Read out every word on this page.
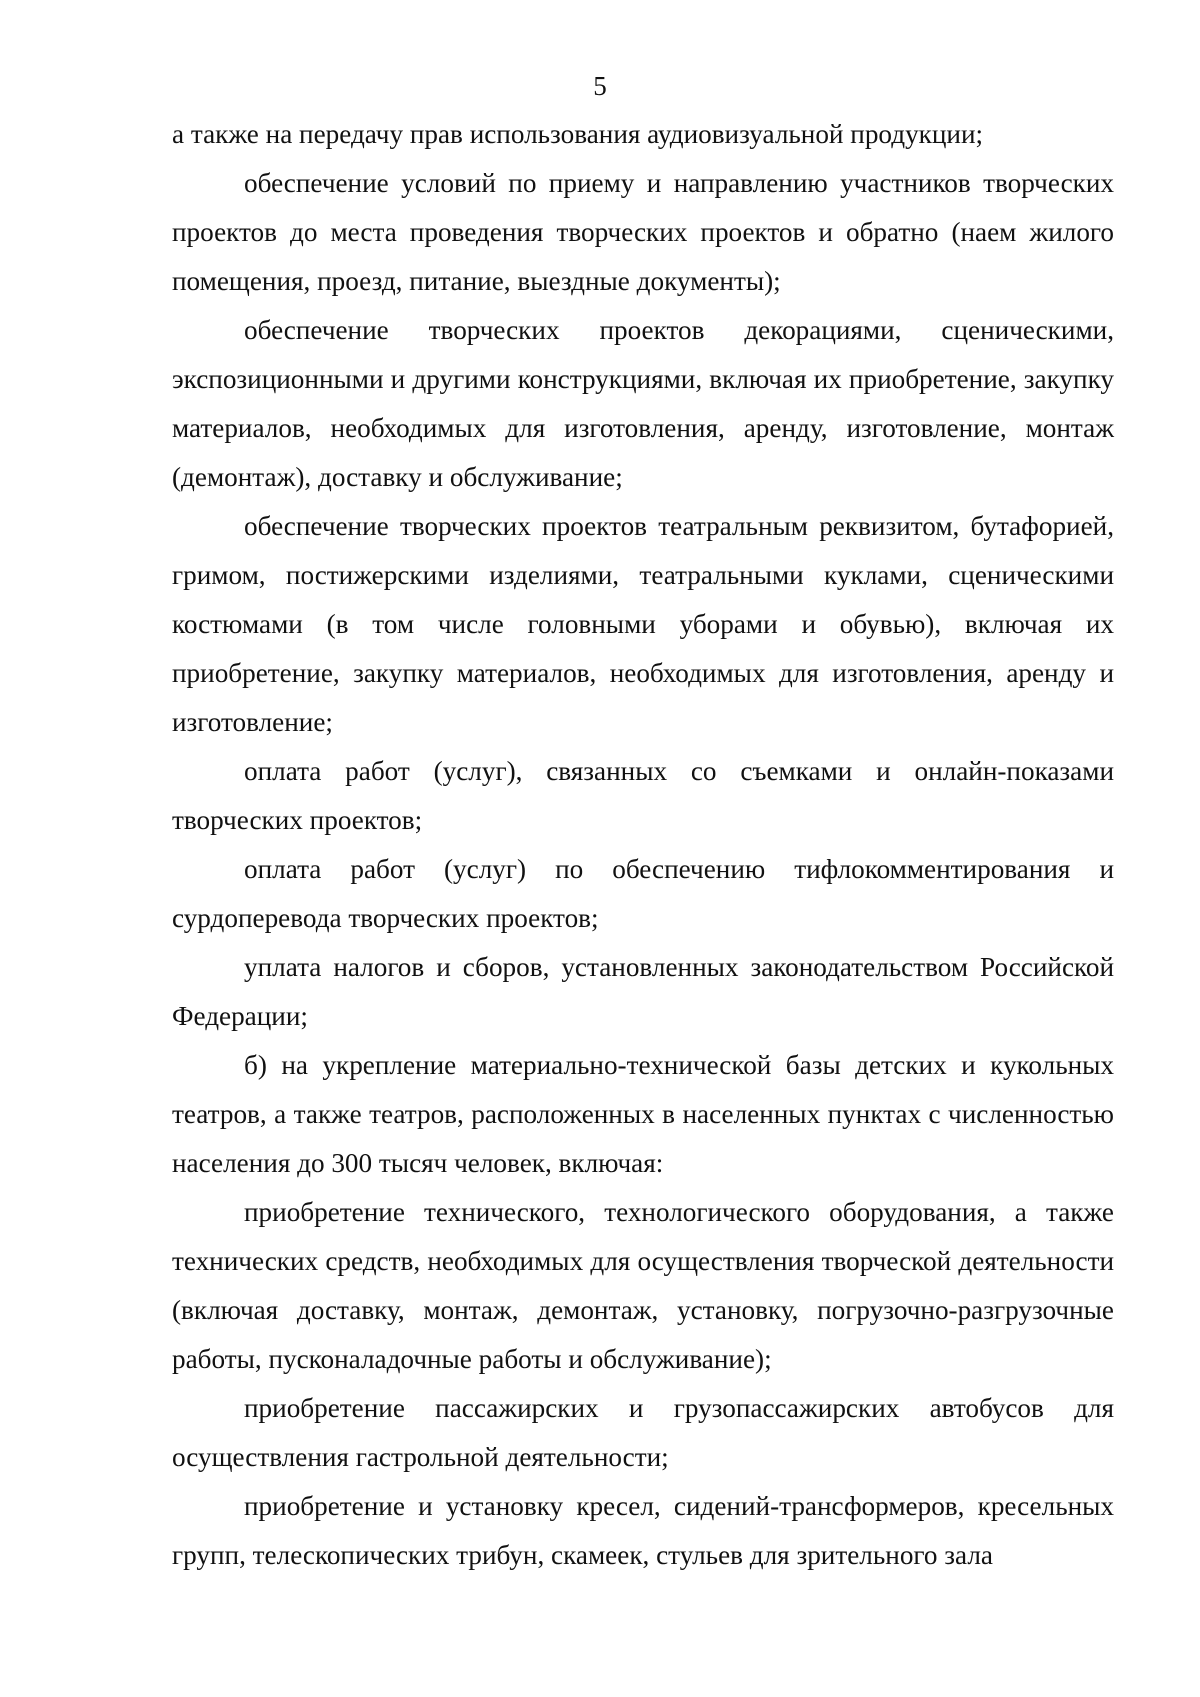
5

а также на передачу прав использования аудиовизуальной продукции;

обеспечение условий по приему и направлению участников творческих проектов до места проведения творческих проектов и обратно (наем жилого помещения, проезд, питание, выездные документы);

обеспечение творческих проектов декорациями, сценическими, экспозиционными и другими конструкциями, включая их приобретение, закупку материалов, необходимых для изготовления, аренду, изготовление, монтаж (демонтаж), доставку и обслуживание;

обеспечение творческих проектов театральным реквизитом, бутафорией, гримом, постижерскими изделиями, театральными куклами, сценическими костюмами (в том числе головными уборами и обувью), включая их приобретение, закупку материалов, необходимых для изготовления, аренду и изготовление;

оплата работ (услуг), связанных со съемками и онлайн-показами творческих проектов;

оплата работ (услуг) по обеспечению тифлокомментирования и сурдоперевода творческих проектов;

уплата налогов и сборов, установленных законодательством Российской Федерации;

б) на укрепление материально-технической базы детских и кукольных театров, а также театров, расположенных в населенных пунктах с численностью населения до 300 тысяч человек, включая:

приобретение технического, технологического оборудования, а также технических средств, необходимых для осуществления творческой деятельности (включая доставку, монтаж, демонтаж, установку, погрузочно-разгрузочные работы, пусконаладочные работы и обслуживание);

приобретение пассажирских и грузопассажирских автобусов для осуществления гастрольной деятельности;

приобретение и установку кресел, сидений-трансформеров, кресельных групп, телескопических трибун, скамеек, стульев для зрительного зала
